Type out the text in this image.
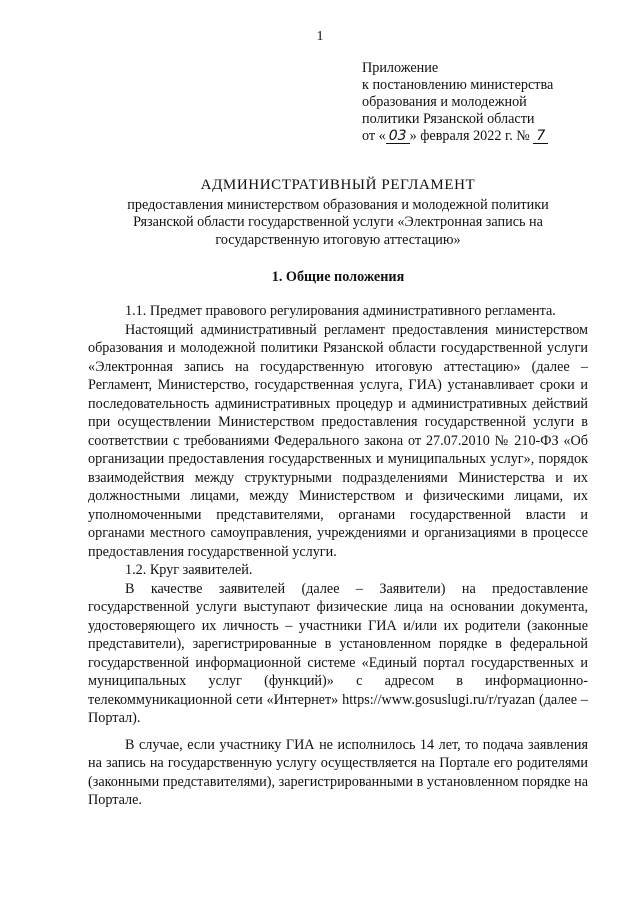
1
Приложение
к постановлению министерства
образования и молодежной
политики Рязанской области
от « 03 » февраля 2022 г. № 7
АДМИНИСТРАТИВНЫЙ РЕГЛАМЕНТ
предоставления министерством образования и молодежной политики
Рязанской области государственной услуги «Электронная запись на
государственную итоговую аттестацию»
1. Общие положения

1.1. Предмет правового регулирования административного регламента.

Настоящий административный регламент предоставления министерством образования и молодежной политики Рязанской области государственной услуги «Электронная запись на государственную итоговую аттестацию» (далее – Регламент, Министерство, государственная услуга, ГИА) устанавливает сроки и последовательность административных процедур и административных действий при осуществлении Министерством предоставления государственной услуги в соответствии с требованиями Федерального закона от 27.07.2010 № 210-ФЗ «Об организации предоставления государственных и муниципальных услуг», порядок взаимодействия между структурными подразделениями Министерства и их должностными лицами, между Министерством и физическими лицами, их уполномоченными представителями, органами государственной власти и органами местного самоуправления, учреждениями и организациями в процессе предоставления государственной услуги.

1.2. Круг заявителей.

В качестве заявителей (далее – Заявители) на предоставление государственной услуги выступают физические лица на основании документа, удостоверяющего их личность – участники ГИА и/или их родители (законные представители), зарегистрированные в установленном порядке в федеральной государственной информационной системе «Единый портал государственных и муниципальных услуг (функций)» с адресом в информационно-телекоммуникационной сети «Интернет» https://www.gosuslugi.ru/r/ryazan (далее – Портал).

В случае, если участнику ГИА не исполнилось 14 лет, то подача заявления на запись на государственную услугу осуществляется на Портале его родителями (законными представителями), зарегистрированными в установленном порядке на Портале.
